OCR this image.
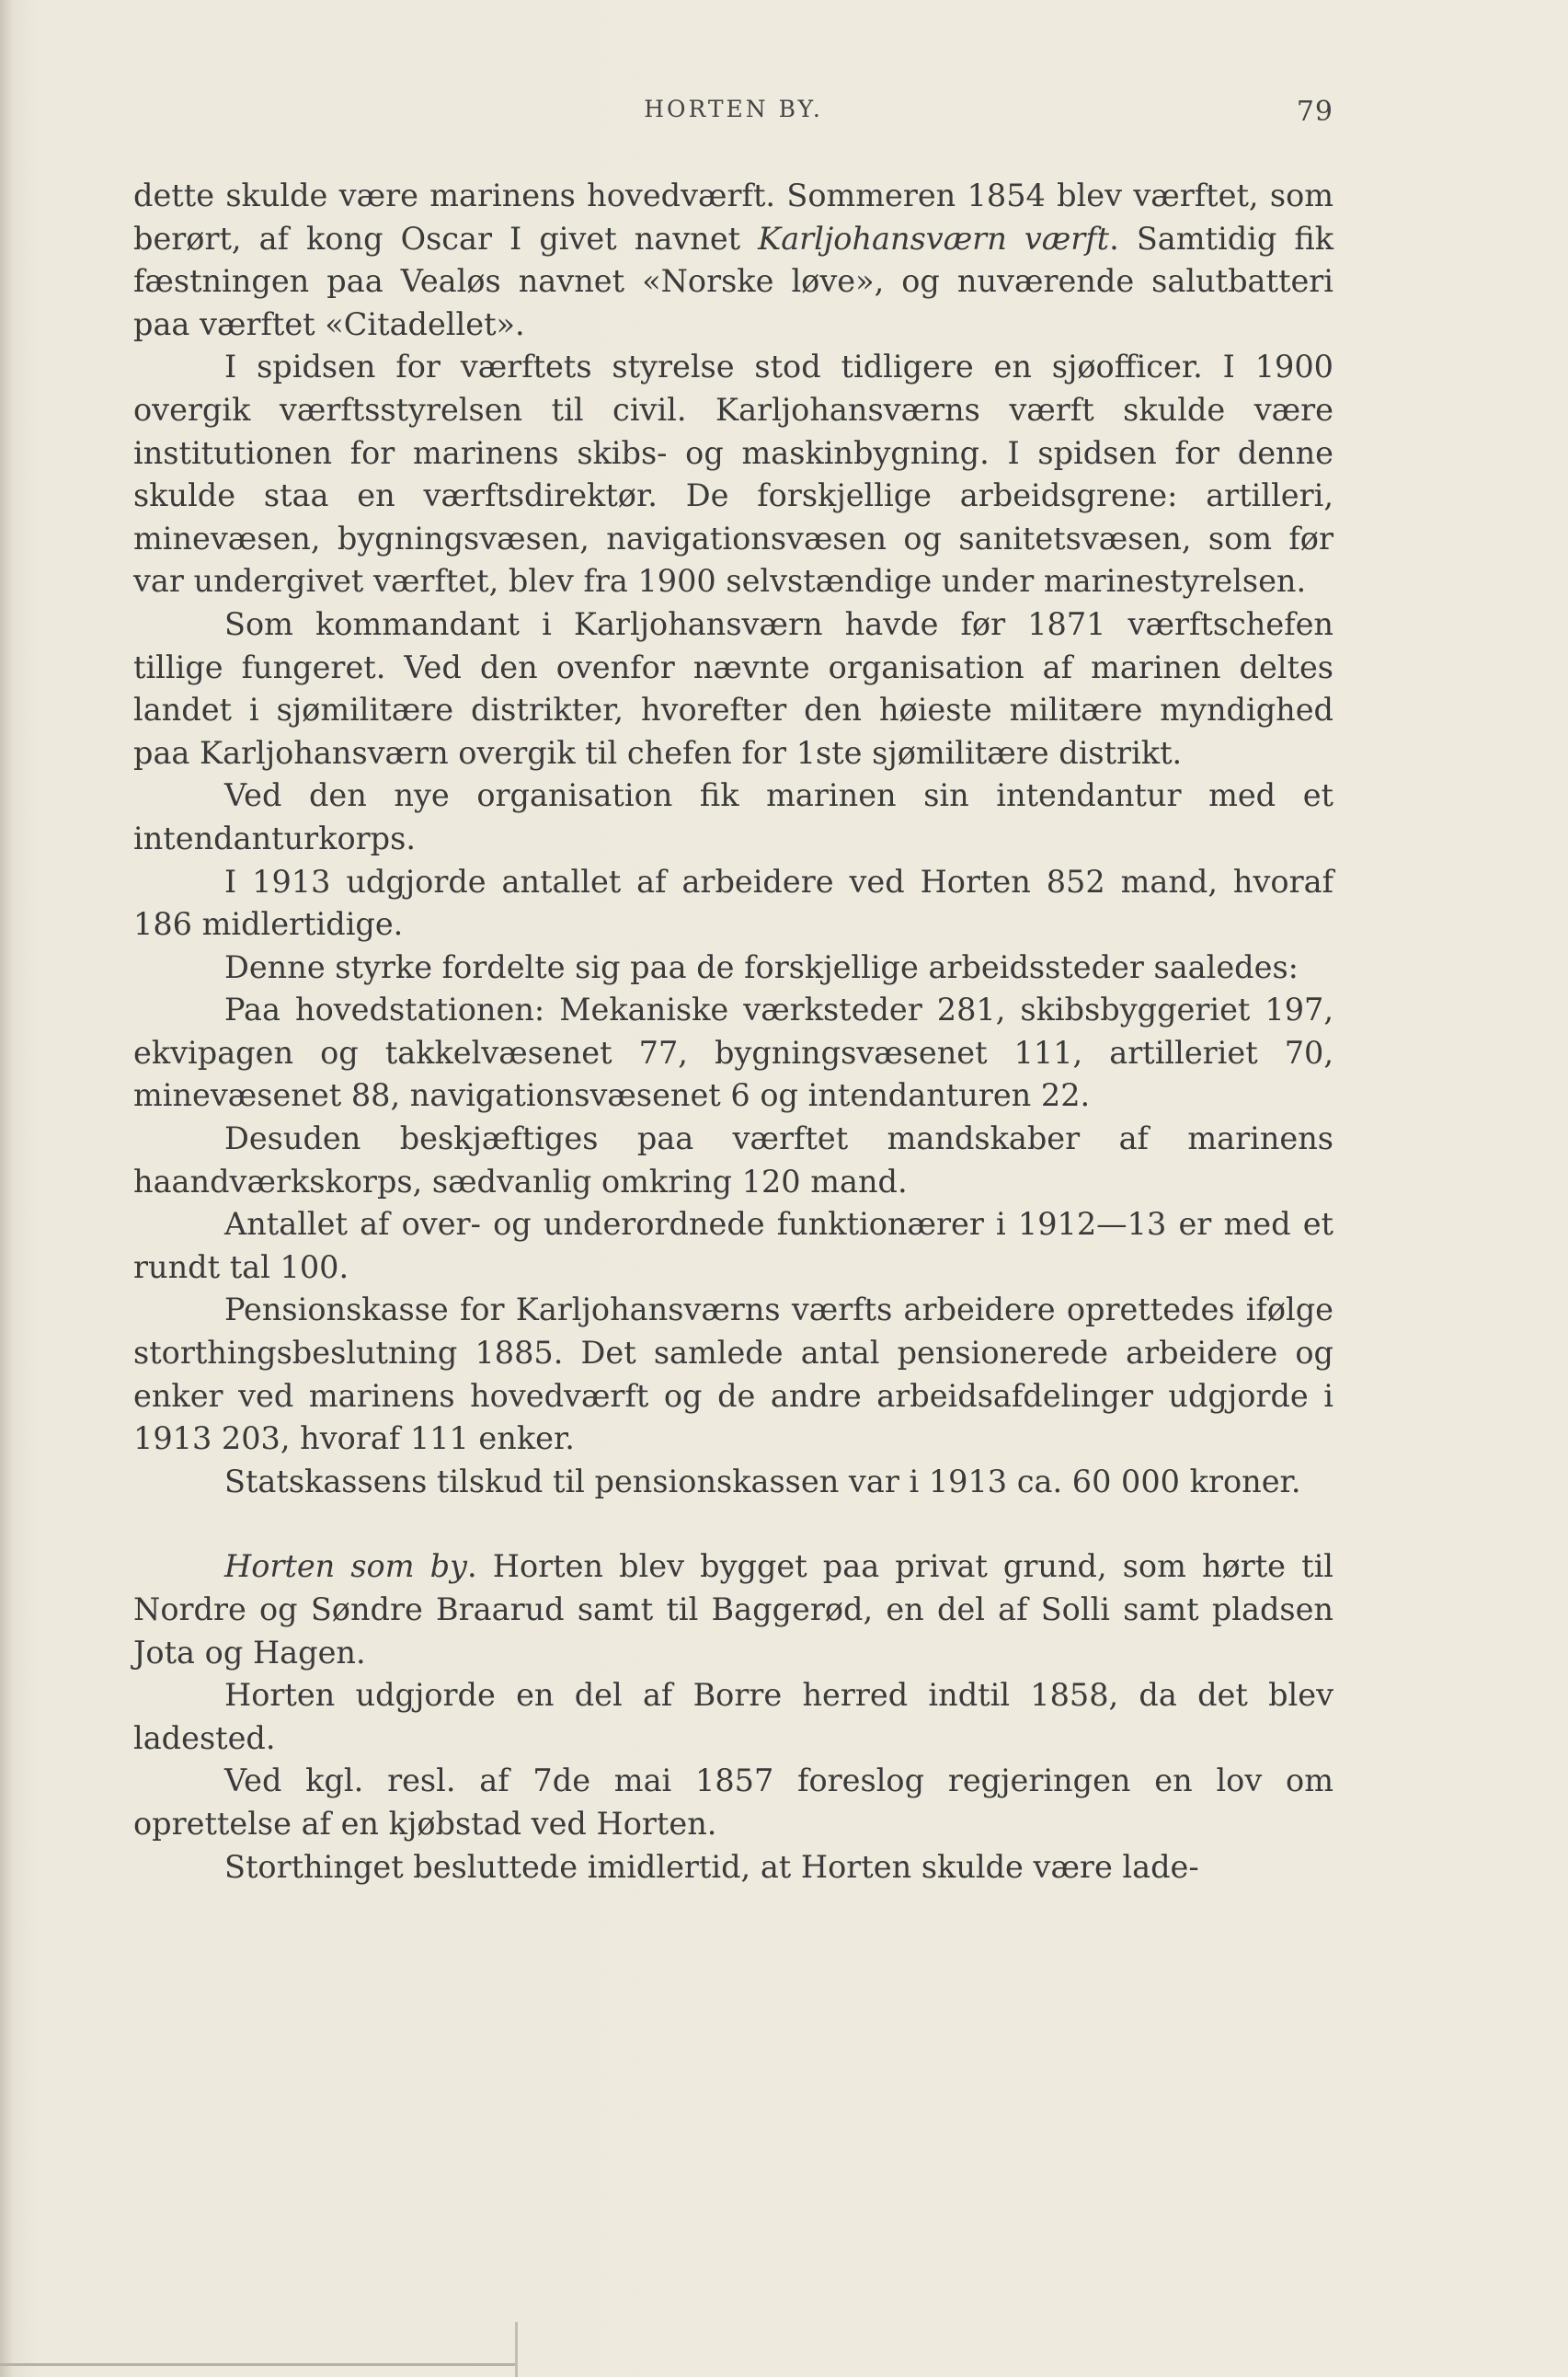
HORTEN BY.	79

dette skulde være marinens hovedværft. Sommeren 1854 blev værftet, som berørt, af kong Oscar I givet navnet Karljohansværn værft. Samtidig fik fæstningen paa Vealøs navnet «Norske løve», og nuværende salutbatteri paa værftet «Citadellet».

I spidsen for værftets styrelse stod tidligere en sjøofficer. I 1900 overgik værftsstyrelsen til civil. Karljohansværns værft skulde være institutionen for marinens skibs- og maskinbygning. I spidsen for denne skulde staa en værftsdirektør. De forskjellige arbeidsgrene: artilleri, minevæsen, bygningsvæsen, navigationsvæsen og sanitetsvæsen, som før var undergivet værftet, blev fra 1900 selvstændige under marinestyrelsen.

Som kommandant i Karljohansværn havde før 1871 værftschefen tillige fungeret. Ved den ovenfor nævnte organisation af marinen deltes landet i sjømilitære distrikter, hvorefter den høieste militære myndighed paa Karljohansværn overgik til chefen for 1ste sjømilitære distrikt.

Ved den nye organisation fik marinen sin intendantur med et intendanturkorps.

I 1913 udgjorde antallet af arbeidere ved Horten 852 mand, hvoraf 186 midlertidige.

Denne styrke fordelte sig paa de forskjellige arbeidssteder saaledes:

Paa hovedstationen: Mekaniske værksteder 281, skibsbyggeriet 197, ekvipagen og takkelvæsenet 77, bygningsvæsenet 111, artilleriet 70, minevæsenet 88, navigationsvæsenet 6 og intendanturen 22.

Desuden beskjæftiges paa værftet mandskaber af marinens haandværkskorps, sædvanlig omkring 120 mand.

Antallet af over- og underordnede funktionærer i 1912—13 er med et rundt tal 100.

Pensionskasse for Karljohansværns værfts arbeidere oprettedes ifølge storthingsbeslutning 1885. Det samlede antal pensionerede arbeidere og enker ved marinens hovedværft og de andre arbeidsafdelinger udgjorde i 1913 203, hvoraf 111 enker.

Statskassens tilskud til pensionskassen var i 1913 ca. 60 000 kroner.

Horten som by. Horten blev bygget paa privat grund, som hørte til Nordre og Søndre Braarud samt til Baggerød, en del af Solli samt pladsen Jota og Hagen.

Horten udgjorde en del af Borre herred indtil 1858, da det blev ladested.

Ved kgl. resl. af 7de mai 1857 foreslog regjeringen en lov om oprettelse af en kjøbstad ved Horten.

Storthinget besluttede imidlertid, at Horten skulde være lade-
